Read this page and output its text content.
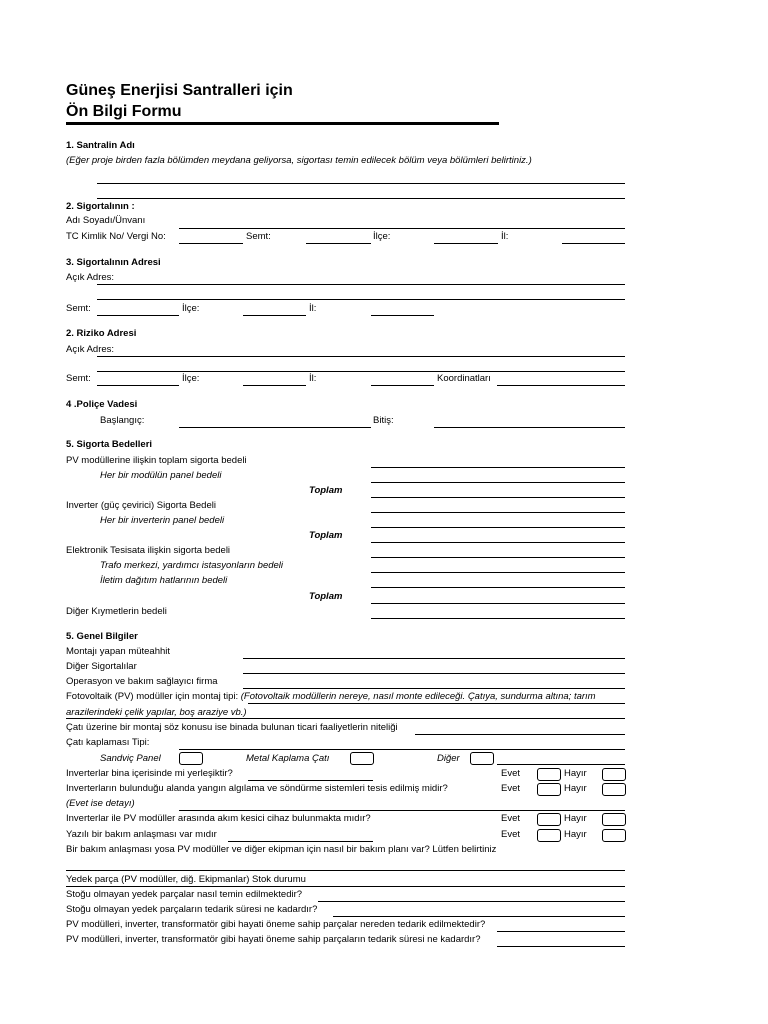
Güneş Enerjisi Santralleri için
Ön Bilgi Formu
1. Santralin Adı
(Eğer proje birden fazla bölümden meydana geliyorsa, sigortası temin edilecek bölüm veya bölümleri belirtiniz.)
2. Sigortalının :
Adı Soyadı/Ünvanı
TC Kimlik No/ Vergi No:	Semt:	İlçe:	İl:
3. Sigortalının Adresi
Açık Adres:
Semt:	İlçe:	İl:
2. Riziko Adresi
Açık Adres:
Semt:	İlçe:	İl:	Koordinatları
4 .Poliçe Vadesi
Başlangıç:	Bitiş:
5. Sigorta Bedelleri
PV modüllerine ilişkin toplam sigorta bedeli
Her bir modülün panel bedeli
Toplam
Inverter (güç çevirici) Sigorta Bedeli
Her bir inverterin panel bedeli
Toplam
Elektronik Tesisata ilişkin sigorta bedeli
Trafo merkezi, yardımcı istasyonların bedeli
İletim dağıtım hatlarının bedeli
Toplam
Diğer Kıymetlerin bedeli
5. Genel Bilgiler
Montajı yapan müteahhit
Diğer Sigortalılar
Operasyon ve bakım sağlayıcı firma
Fotovoltaik (PV) modüller için montaj tipi: (Fotovoltaik modüllerin nereye, nasıl monte edileceği. Çatıya, sundurma altına; tarım
arazilerindeki çelik yapılar, boş araziye vb.)
Çatı üzerine bir montaj söz konusu ise binada bulunan ticari faaliyetlerin niteliği
Çatı kaplaması Tipi:
Sandviç Panel	Metal Kaplama Çatı	Diğer
Inverterlar bina içerisinde mi yerleşiktir?	Evet	Hayır
Inverterların bulunduğu alanda yangın algılama ve söndürme sistemleri tesis edilmiş midir?	Evet	Hayır
(Evet ise detayı)
Inverterlar ile PV modüller arasında akım kesici cihaz bulunmakta mıdır?	Evet	Hayır
Yazılı bir bakım anlaşması var mıdır	Evet	Hayır
Bir bakım anlaşması yosa PV modüller ve diğer ekipman için nasıl bir bakım planı var? Lütfen belirtiniz
Yedek parça (PV modüller, diğ. Ekipmanlar) Stok durumu
Stoğu olmayan yedek parçalar nasıl temin edilmektedir?
Stoğu olmayan yedek parçaların tedarik süresi ne kadardır?
PV modülleri, inverter, transformatör gibi hayati öneme sahip parçalar nereden tedarik edilmektedir?
PV modülleri, inverter, transformatör gibi hayati öneme sahip parçaların tedarik süresi ne kadardır?
